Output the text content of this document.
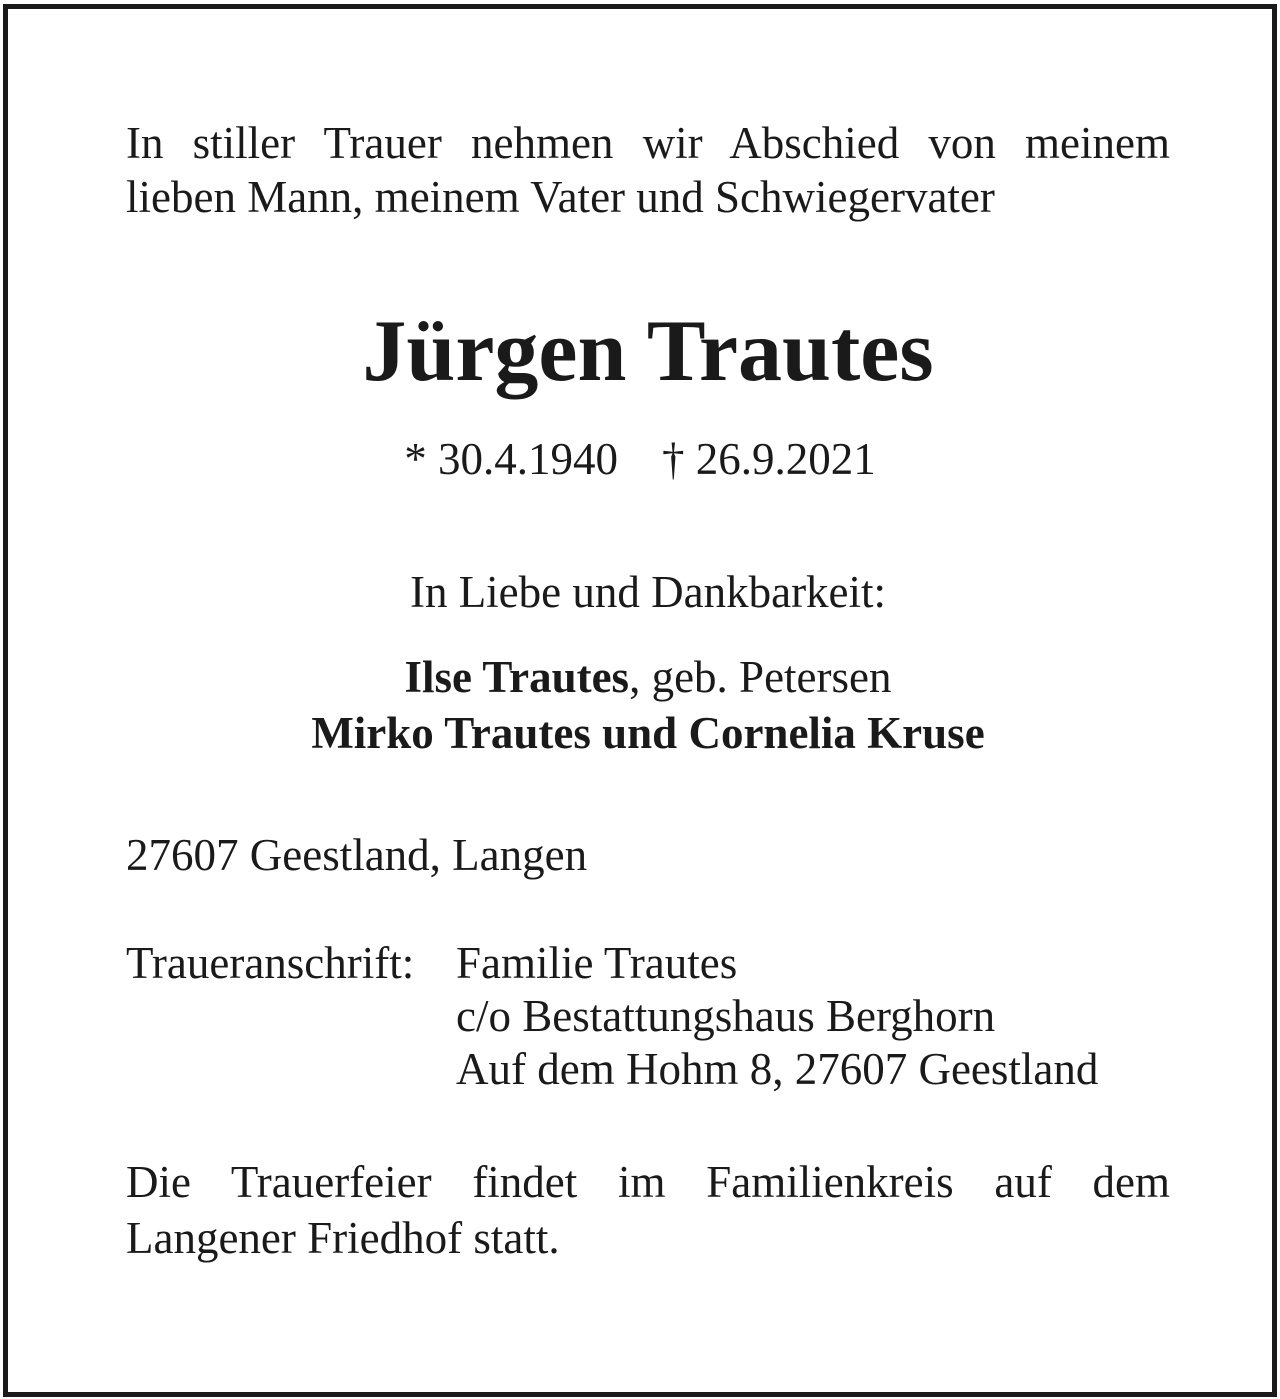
In stiller Trauer nehmen wir Abschied von meinem
lieben Mann, meinem Vater und Schwiegervater
Jürgen Trautes
* 30.4.1940 † 26.9.2021
In Liebe und Dankbarkeit:
Ilse Trautes, geb. Petersen
Mirko Trautes und Cornelia Kruse
27607 Geestland, Langen
Traueranschrift: Familie Trautes
c/o Bestattungshaus Berghorn
Auf dem Hohm 8, 27607 Geestland
Die Trauerfeier findet im Familienkreis auf dem
Langener Friedhof statt.
